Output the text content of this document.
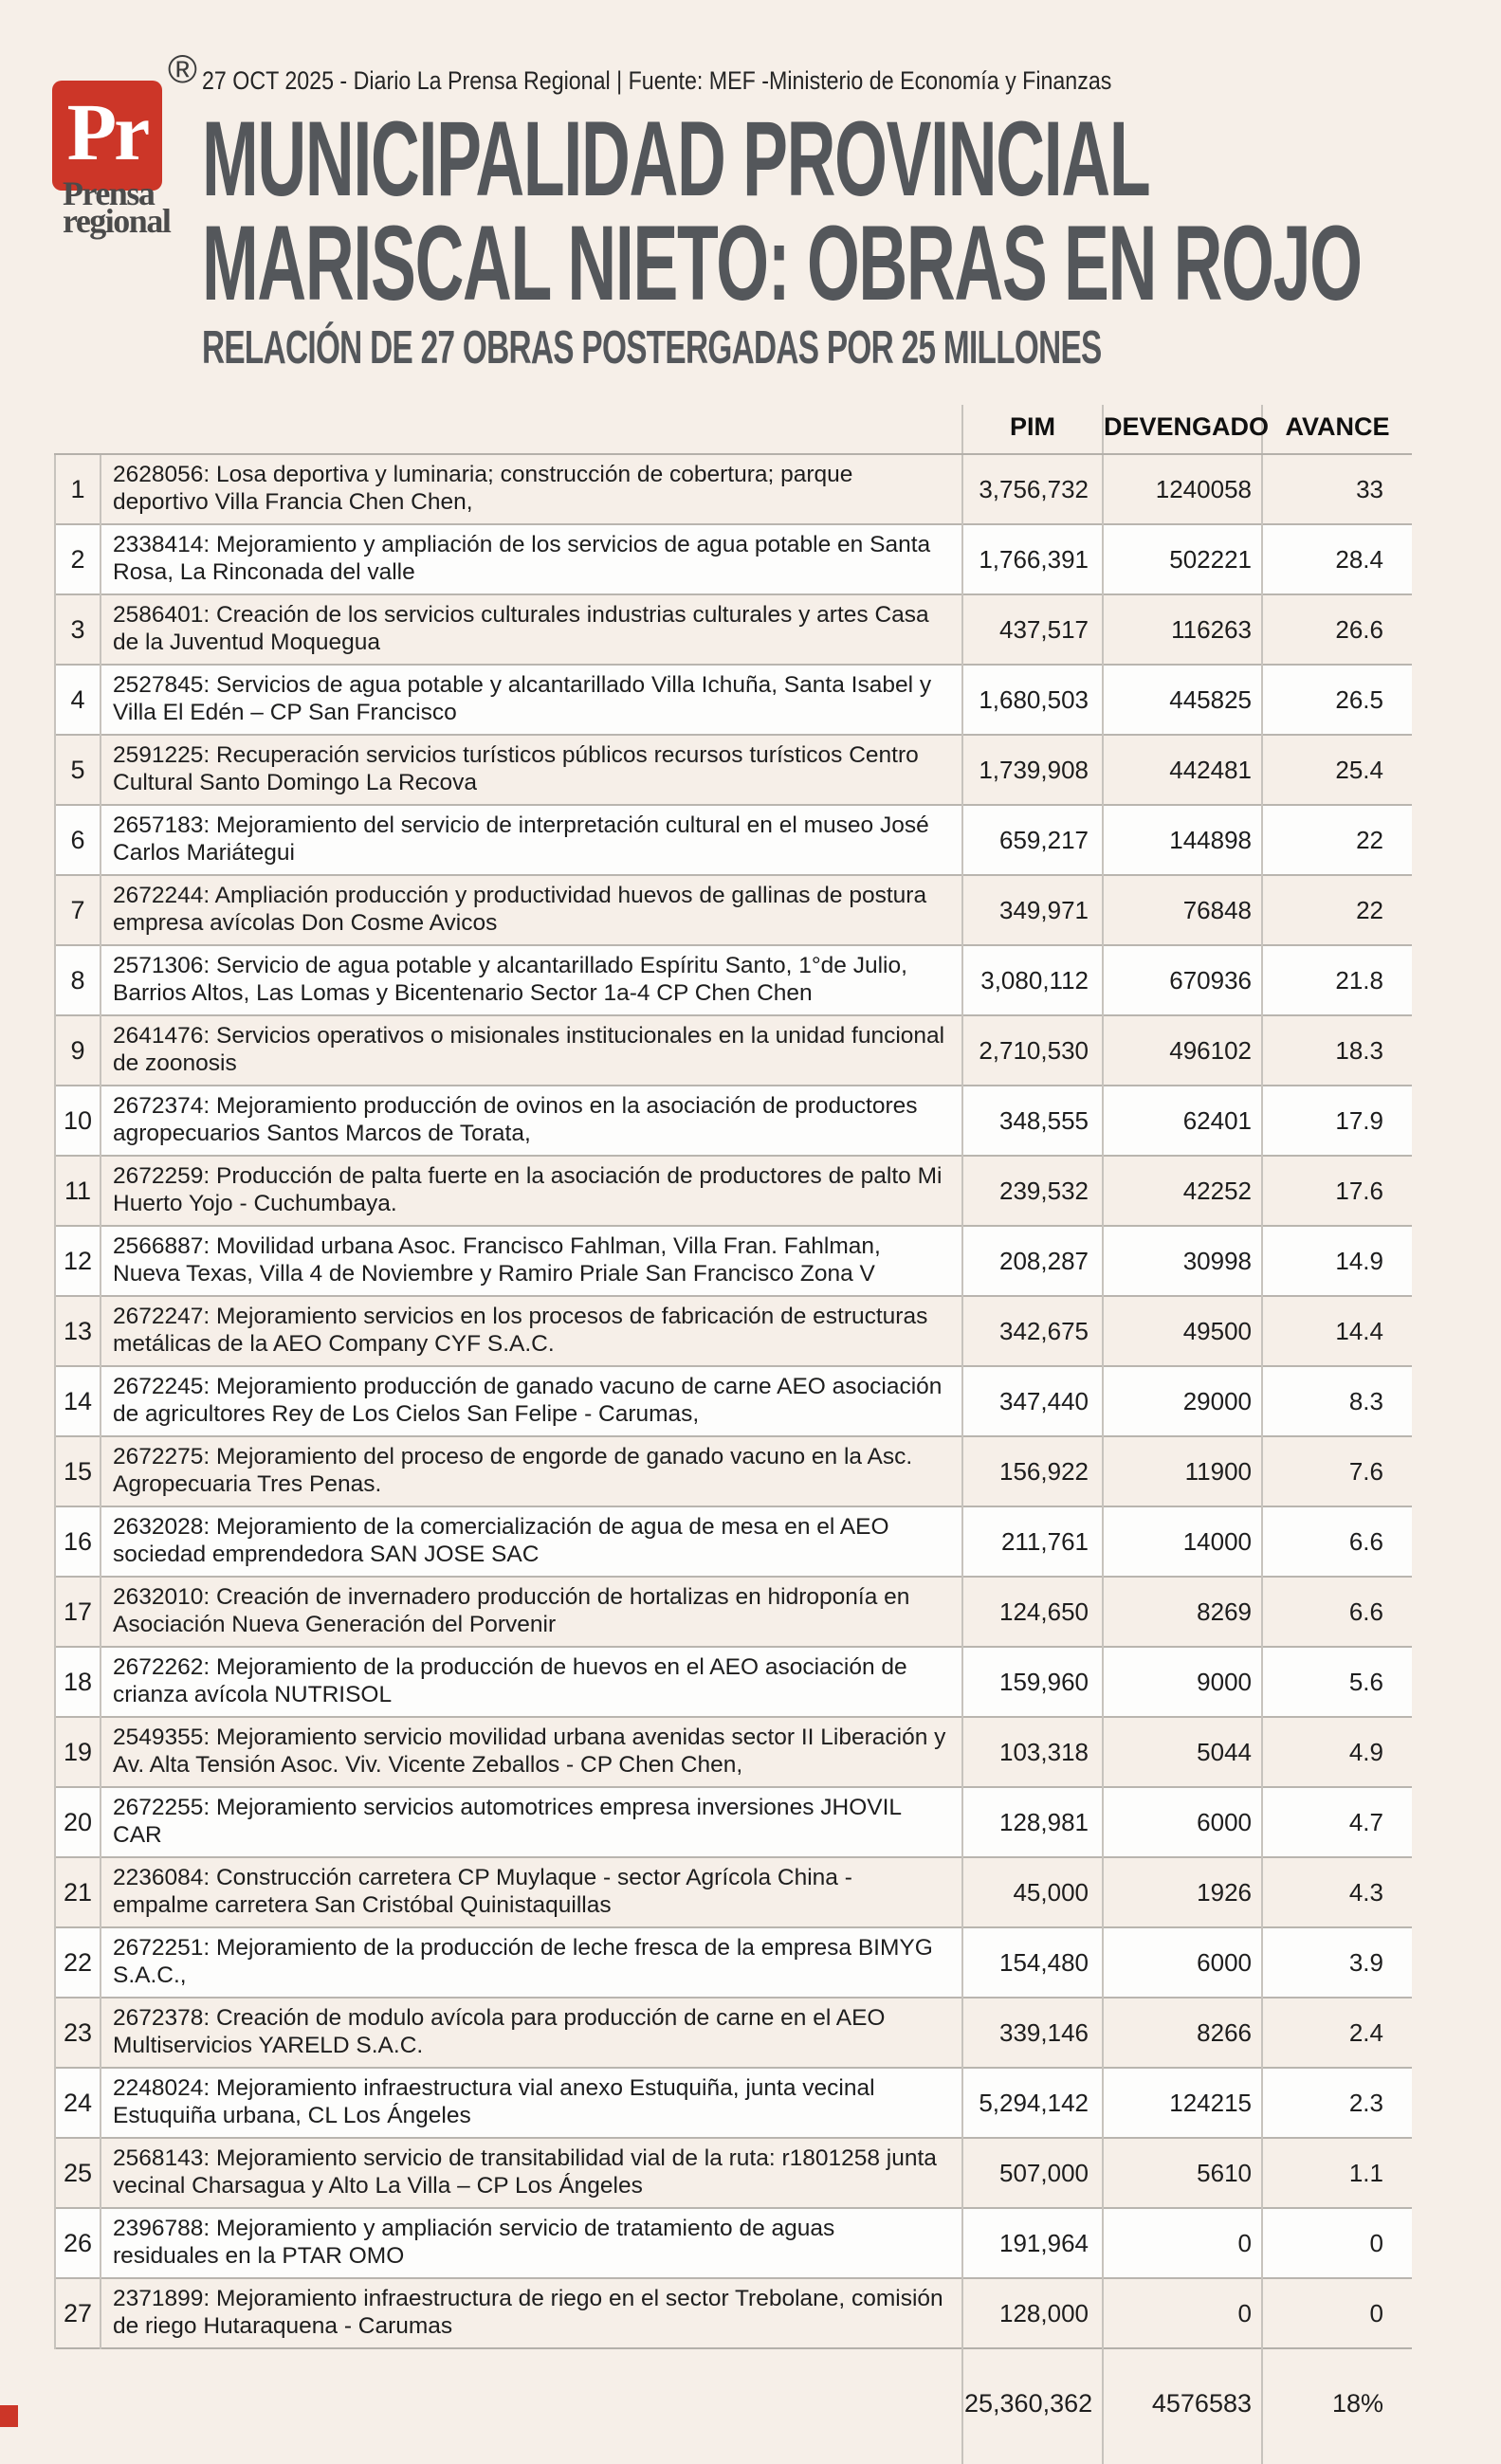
Pr
®
Prensa
regional
27 OCT 2025 - Diario La Prensa Regional | Fuente: MEF -Ministerio de Economía y Finanzas
MUNICIPALIDAD PROVINCIAL
MARISCAL NIETO: OBRAS EN ROJO
RELACIÓN DE 27 OBRAS POSTERGADAS POR 25 MILLONES
		PIM	DEVENGADO	AVANCE
1	2628056: Losa deportiva y luminaria; construcción de cobertura; parque deportivo Villa Francia Chen Chen,	3,756,732	1240058	33
2	2338414: Mejoramiento y ampliación de los servicios de agua potable en Santa Rosa, La Rinconada del valle	1,766,391	502221	28.4
3	2586401: Creación de los servicios culturales industrias culturales y artes Casa de la Juventud Moquegua	437,517	116263	26.6
4	2527845: Servicios de agua potable y alcantarillado Villa Ichuña, Santa Isabel y Villa El Edén – CP San Francisco	1,680,503	445825	26.5
5	2591225: Recuperación servicios turísticos públicos recursos turísticos Centro Cultural Santo Domingo La Recova	1,739,908	442481	25.4
6	2657183: Mejoramiento del servicio de interpretación cultural en el museo José Carlos Mariátegui	659,217	144898	22
7	2672244: Ampliación producción y productividad huevos de gallinas de postura empresa avícolas Don Cosme Avicos	349,971	76848	22
8	2571306: Servicio de agua potable y alcantarillado Espíritu Santo, 1°de Julio, Barrios Altos, Las Lomas y Bicentenario Sector 1a-4 CP Chen Chen	3,080,112	670936	21.8
9	2641476: Servicios operativos o misionales institucionales en la unidad funcional de zoonosis	2,710,530	496102	18.3
10	2672374: Mejoramiento producción de ovinos en la asociación de productores agropecuarios Santos Marcos de Torata,	348,555	62401	17.9
11	2672259: Producción de palta fuerte en la asociación de productores de palto Mi Huerto Yojo - Cuchumbaya.	239,532	42252	17.6
12	2566887: Movilidad urbana Asoc. Francisco Fahlman, Villa Fran. Fahlman, Nueva Texas, Villa 4 de Noviembre y Ramiro Priale San Francisco Zona V	208,287	30998	14.9
13	2672247: Mejoramiento servicios en los procesos de fabricación de estructuras metálicas de la AEO Company CYF S.A.C.	342,675	49500	14.4
14	2672245: Mejoramiento producción de ganado vacuno de carne AEO asociación de agricultores Rey de Los Cielos San Felipe - Carumas,	347,440	29000	8.3
15	2672275: Mejoramiento del proceso de engorde de ganado vacuno en la Asc. Agropecuaria Tres Penas.	156,922	11900	7.6
16	2632028: Mejoramiento de la comercialización de agua de mesa en el AEO sociedad emprendedora SAN JOSE SAC	211,761	14000	6.6
17	2632010: Creación de invernadero producción de hortalizas en hidroponía en Asociación Nueva Generación del Porvenir	124,650	8269	6.6
18	2672262: Mejoramiento de la producción de huevos en el AEO asociación de crianza avícola NUTRISOL	159,960	9000	5.6
19	2549355: Mejoramiento servicio movilidad urbana avenidas sector II Liberación y Av. Alta Tensión Asoc. Viv. Vicente Zeballos - CP Chen Chen,	103,318	5044	4.9
20	2672255: Mejoramiento servicios automotrices empresa inversiones JHOVIL CAR	128,981	6000	4.7
21	2236084: Construcción carretera CP Muylaque - sector Agrícola China - empalme carretera San Cristóbal Quinistaquillas	45,000	1926	4.3
22	2672251: Mejoramiento de la producción de leche fresca de la empresa BIMYG S.A.C.,	154,480	6000	3.9
23	2672378: Creación de modulo avícola para producción de carne en el AEO Multiservicios YARELD S.A.C.	339,146	8266	2.4
24	2248024: Mejoramiento infraestructura vial anexo Estuquiña, junta vecinal Estuquiña urbana, CL Los Ángeles	5,294,142	124215	2.3
25	2568143: Mejoramiento servicio de transitabilidad vial de la ruta: r1801258 junta vecinal Charsagua y Alto La Villa – CP Los Ángeles	507,000	5610	1.1
26	2396788: Mejoramiento y ampliación servicio de tratamiento de aguas residuales en la PTAR OMO	191,964	0	0
27	2371899: Mejoramiento infraestructura de riego en el sector Trebolane, comisión de riego Hutaraquena - Carumas	128,000	0	0
		25,360,362	4576583	18%
